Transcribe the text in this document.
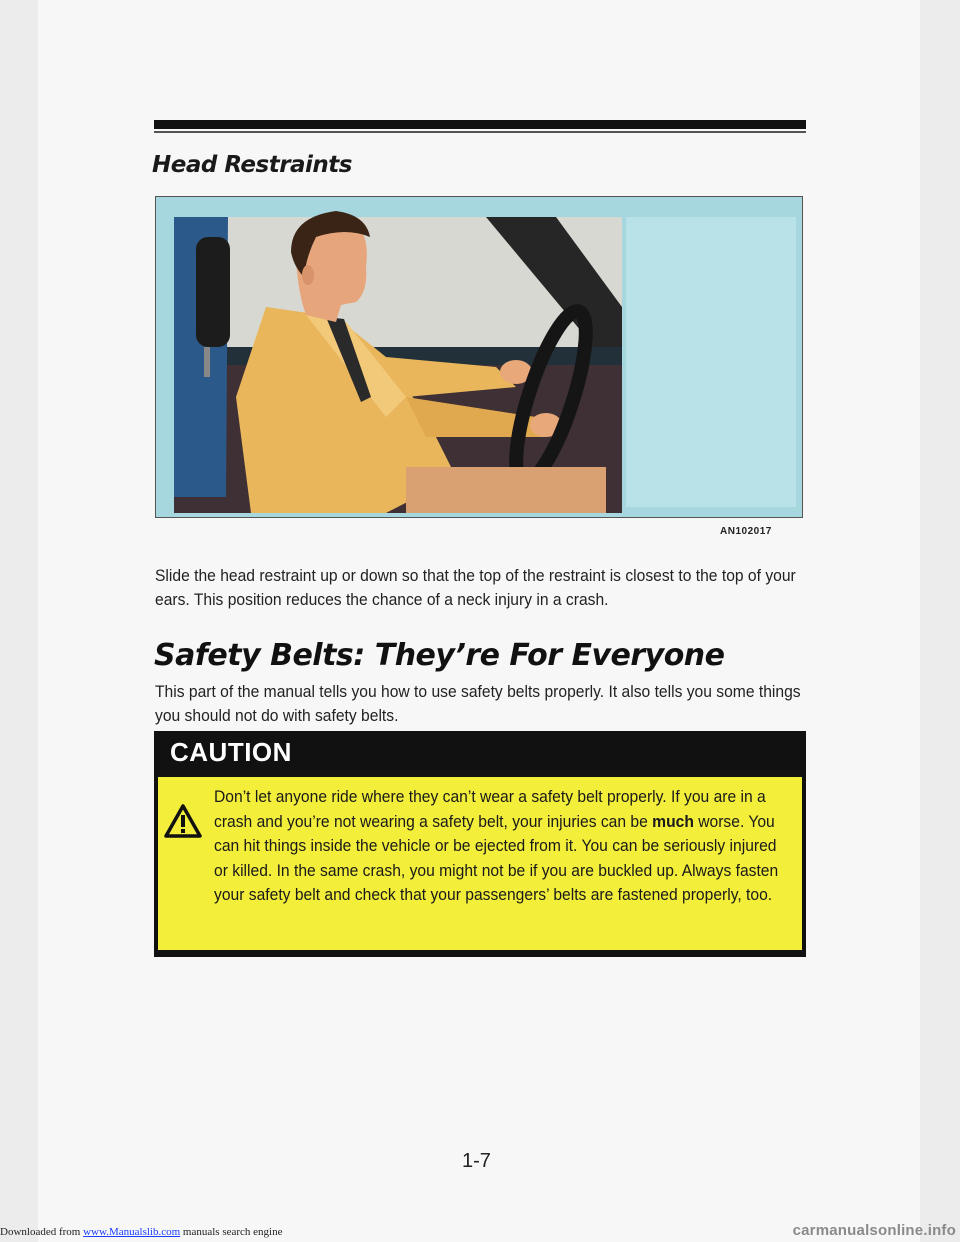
Head Restraints
AN102017

Slide the head restraint up or down so that the top of the restraint is closest to the top of your ears. This position reduces the chance of a neck injury in a crash.

Safety Belts: They’re For Everyone

This part of the manual tells you how to use safety belts properly. It also tells you some things you should not do with safety belts.

CAUTION

Don’t let anyone ride where they can’t wear a safety belt properly. If you are in a crash and you’re not wearing a safety belt, your injuries can be much worse. You can hit things inside the vehicle or be ejected from it. You can be seriously injured or killed. In the same crash, you might not be if you are buckled up. Always fasten your safety belt and check that your passengers’ belts are fastened properly, too.

1-7
Downloaded from www.Manualslib.com manuals search engine	carmanualsonline.info
